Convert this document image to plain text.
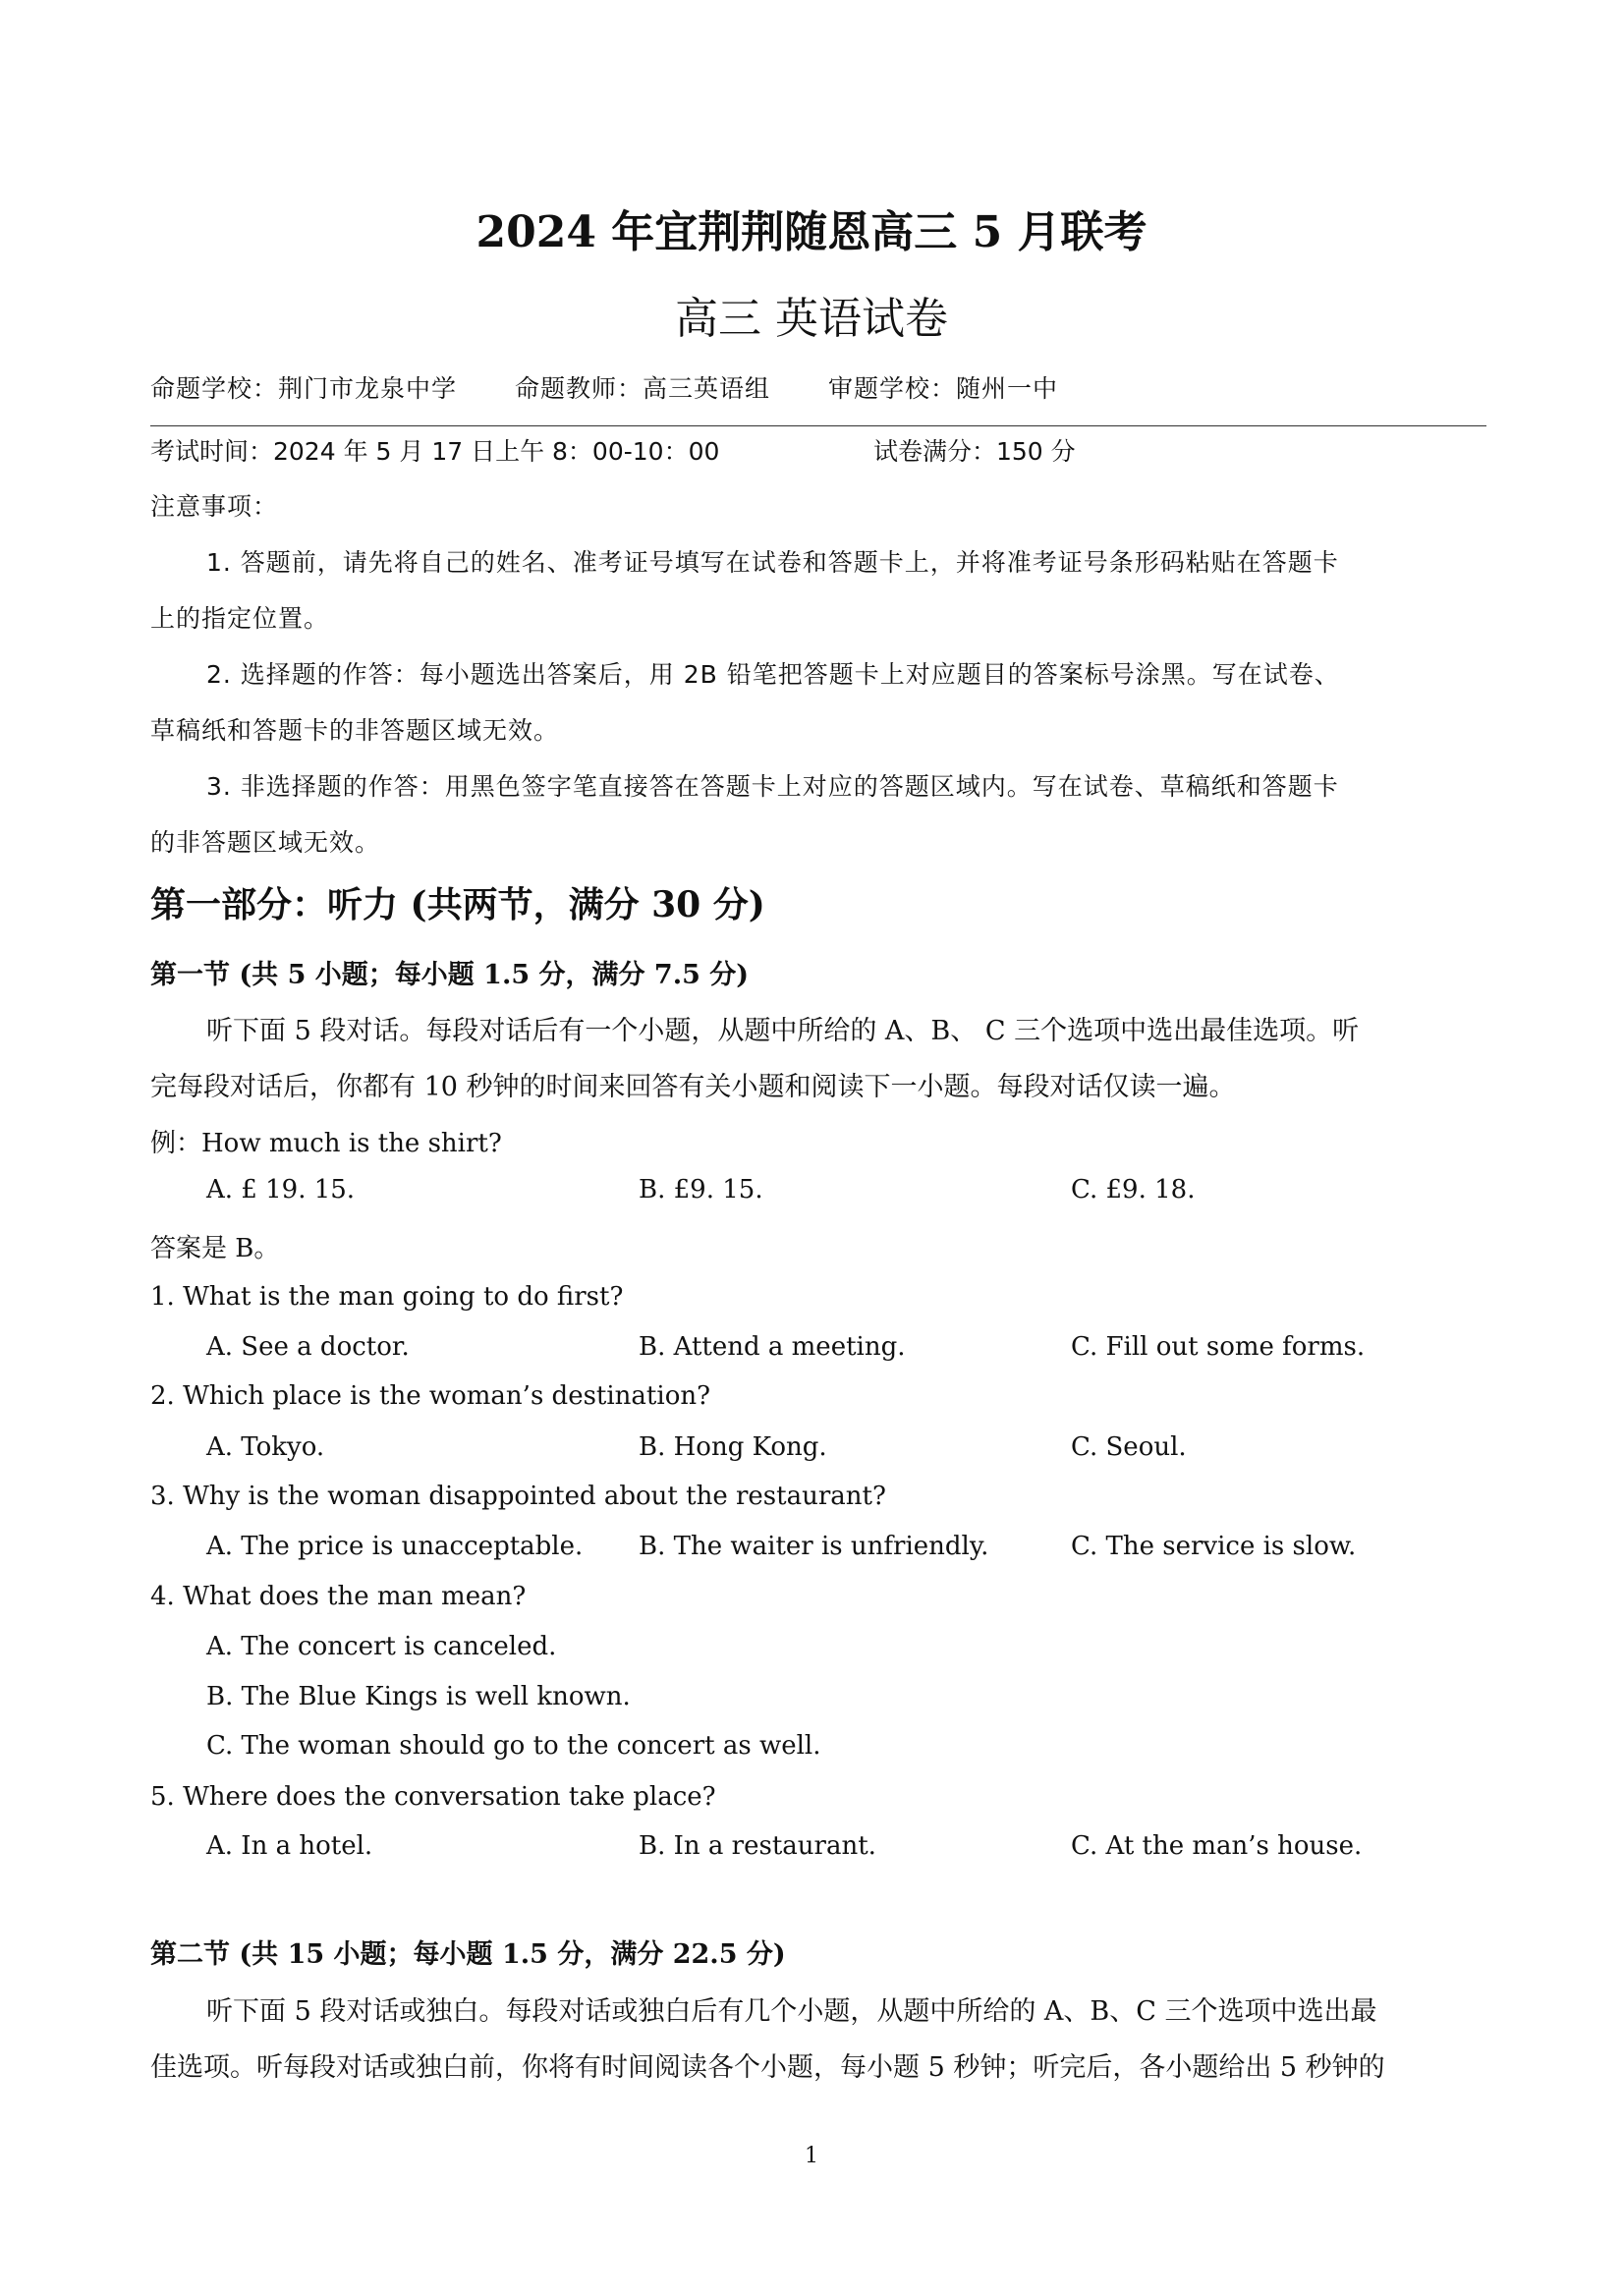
2024 年宜荆荆随恩高三 5 月联考
高三 英语试卷
命题学校：荆门市龙泉中学 命题教师：高三英语组 审题学校：随州一中
考试时间：2024 年 5 月 17 日上午 8：00-10：00	试卷满分：150 分
注意事项：
1. 答题前，请先将自己的姓名、准考证号填写在试卷和答题卡上，并将准考证号条形码粘贴在答题卡
上的指定位置。
2. 选择题的作答：每小题选出答案后，用 2B 铅笔把答题卡上对应题目的答案标号涂黑。写在试卷、
草稿纸和答题卡的非答题区域无效。
3. 非选择题的作答：用黑色签字笔直接答在答题卡上对应的答题区域内。写在试卷、草稿纸和答题卡
的非答题区域无效。
第一部分：听力 (共两节，满分 30 分)
第一节 (共 5 小题；每小题 1.5 分，满分 7.5 分)
听下面 5 段对话。每段对话后有一个小题，从题中所给的 A、B、 C 三个选项中选出最佳选项。听
完每段对话后，你都有 10 秒钟的时间来回答有关小题和阅读下一小题。每段对话仅读一遍。
例：How much is the shirt?
A. £ 19. 15.	B. £9. 15.	C. £9. 18.
答案是 B。
1. What is the man going to do first?
A. See a doctor.	B. Attend a meeting.	C. Fill out some forms.
2. Which place is the woman’s destination?
A. Tokyo.	B. Hong Kong.	C. Seoul.
3. Why is the woman disappointed about the restaurant?
A. The price is unacceptable. B. The waiter is unfriendly.	C. The service is slow.
4. What does the man mean?
A. The concert is canceled.
B. The Blue Kings is well known.
C. The woman should go to the concert as well.
5. Where does the conversation take place?
A. In a hotel.	B. In a restaurant.	C. At the man’s house.
第二节 (共 15 小题；每小题 1.5 分，满分 22.5 分)
听下面 5 段对话或独白。每段对话或独白后有几个小题，从题中所给的 A、B、C 三个选项中选出最
佳选项。听每段对话或独白前，你将有时间阅读各个小题，每小题 5 秒钟；听完后，各小题给出 5 秒钟的
1
